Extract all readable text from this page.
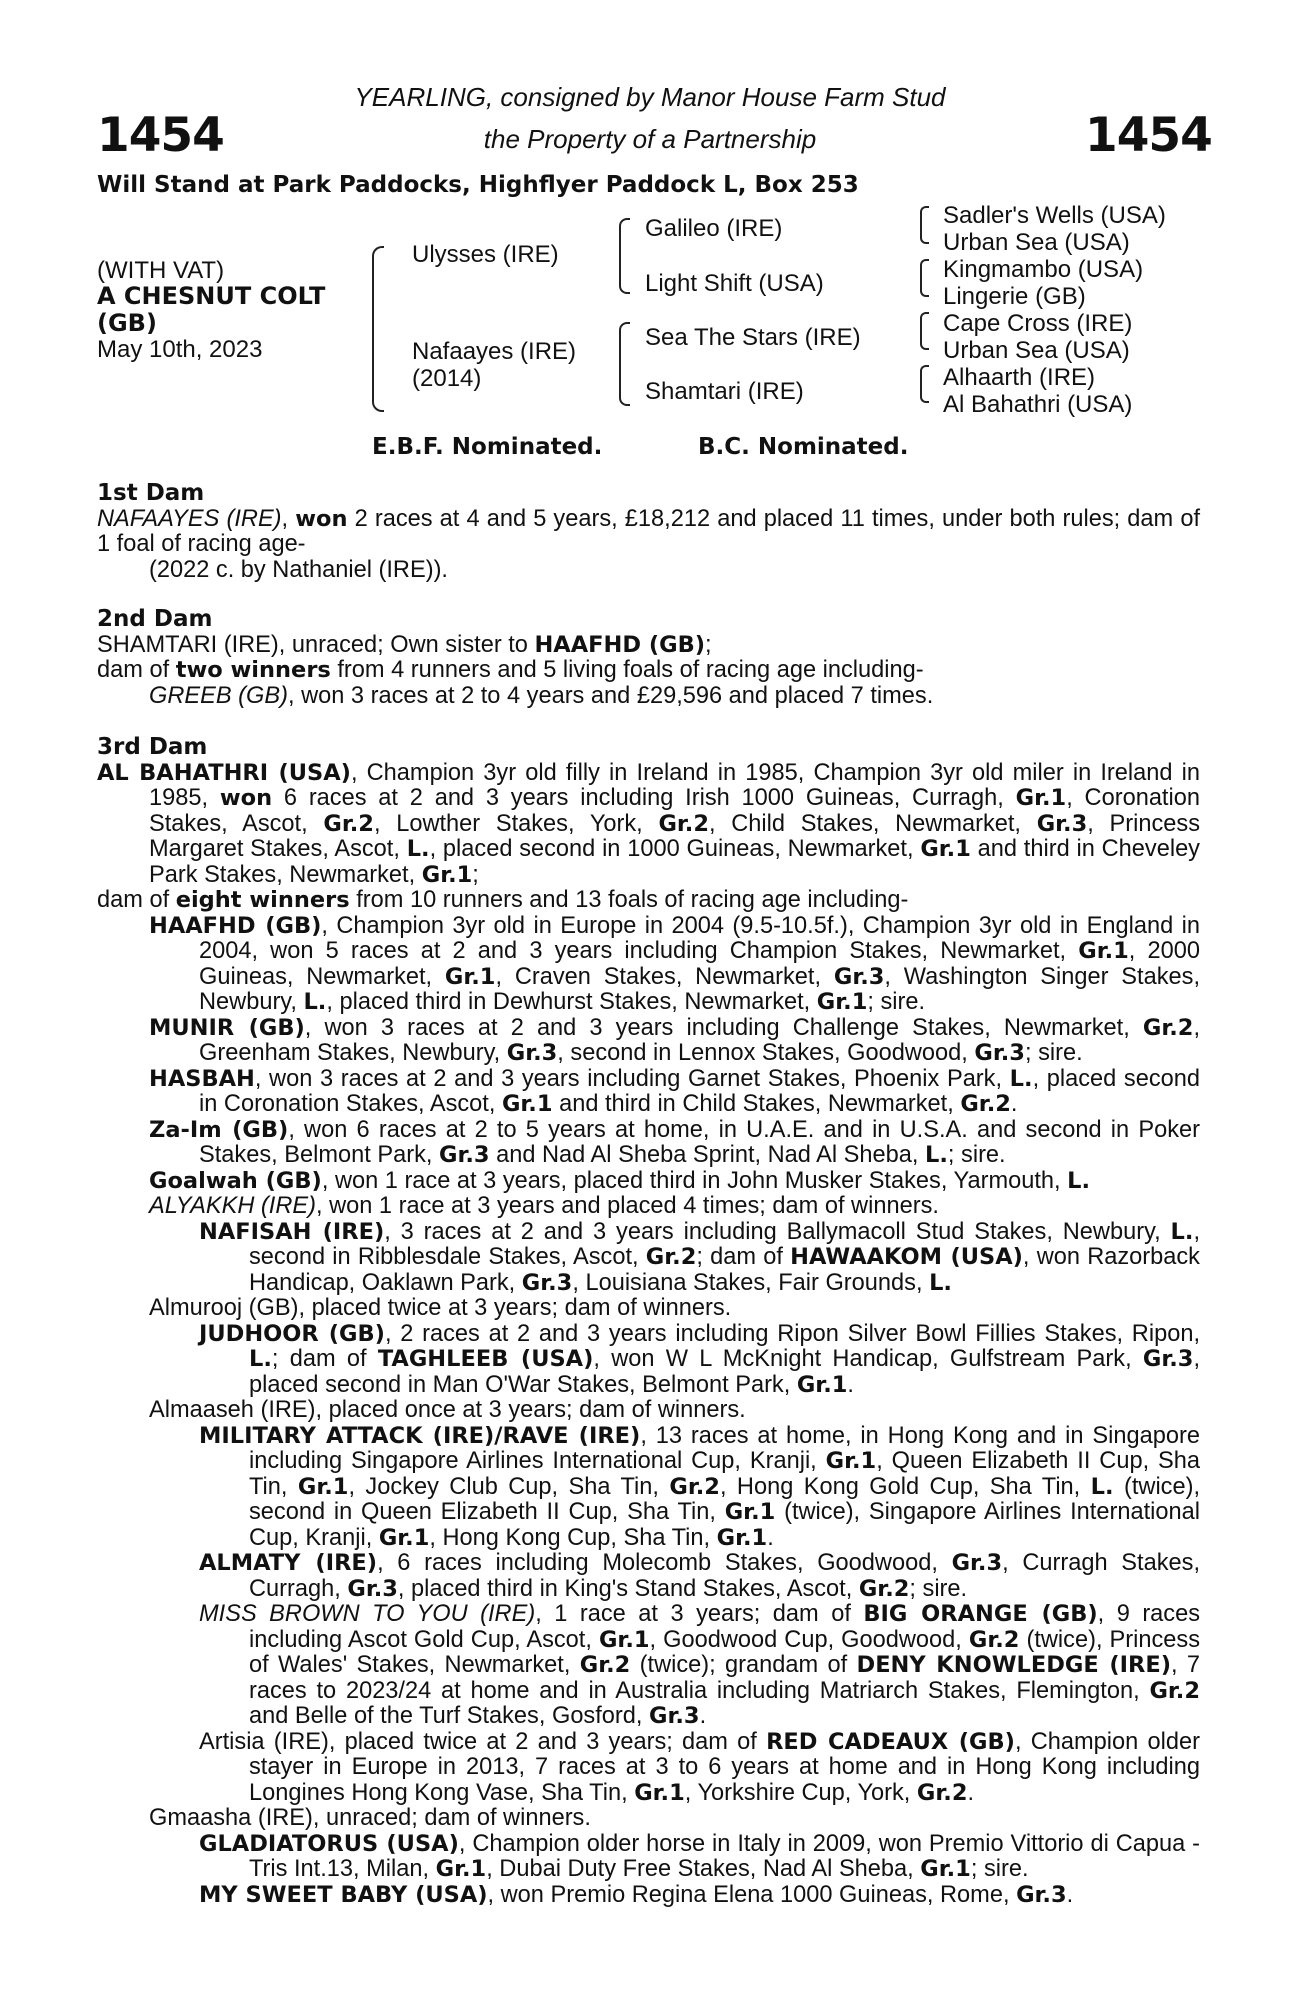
1454	1454
YEARLING, consigned by Manor House Farm Stud
the Property of a Partnership
Will Stand at Park Paddocks, Highflyer Paddock L, Box 253
(WITH VAT)
A CHESNUT COLT
(GB)
May 10th, 2023
Ulysses (IRE)
Nafaayes (IRE)
(2014)
Galileo (IRE)
Light Shift (USA)
Sea The Stars (IRE)
Shamtari (IRE)
Sadler's Wells (USA)
Urban Sea (USA)
Kingmambo (USA)
Lingerie (GB)
Cape Cross (IRE)
Urban Sea (USA)
Alhaarth (IRE)
Al Bahathri (USA)
E.B.F. Nominated.	B.C. Nominated.
1st Dam

NAFAAYES (IRE), won 2 races at 4 and 5 years, £18,212 and placed 11 times, under both rules; dam of 1 foal of racing age-

(2022 c. by Nathaniel (IRE)).

2nd Dam

SHAMTARI (IRE), unraced; Own sister to HAAFHD (GB);

dam of two winners from 4 runners and 5 living foals of racing age including-

GREEB (GB), won 3 races at 2 to 4 years and £29,596 and placed 7 times.

3rd Dam

AL BAHATHRI (USA), Champion 3yr old filly in Ireland in 1985, Champion 3yr old miler in Ireland in 1985, won 6 races at 2 and 3 years including Irish 1000 Guineas, Curragh, Gr.1, Coronation Stakes, Ascot, Gr.2, Lowther Stakes, York, Gr.2, Child Stakes, Newmarket, Gr.3, Princess Margaret Stakes, Ascot, L., placed second in 1000 Guineas, Newmarket, Gr.1 and third in Cheveley Park Stakes, Newmarket, Gr.1;

dam of eight winners from 10 runners and 13 foals of racing age including-

HAAFHD (GB), Champion 3yr old in Europe in 2004 (9.5-10.5f.), Champion 3yr old in England in 2004, won 5 races at 2 and 3 years including Champion Stakes, Newmarket, Gr.1, 2000 Guineas, Newmarket, Gr.1, Craven Stakes, Newmarket, Gr.3, Washington Singer Stakes, Newbury, L., placed third in Dewhurst Stakes, Newmarket, Gr.1; sire.

MUNIR (GB), won 3 races at 2 and 3 years including Challenge Stakes, Newmarket, Gr.2, Greenham Stakes, Newbury, Gr.3, second in Lennox Stakes, Goodwood, Gr.3; sire.

HASBAH, won 3 races at 2 and 3 years including Garnet Stakes, Phoenix Park, L., placed second in Coronation Stakes, Ascot, Gr.1 and third in Child Stakes, Newmarket, Gr.2.

Za-Im (GB), won 6 races at 2 to 5 years at home, in U.A.E. and in U.S.A. and second in Poker Stakes, Belmont Park, Gr.3 and Nad Al Sheba Sprint, Nad Al Sheba, L.; sire.

Goalwah (GB), won 1 race at 3 years, placed third in John Musker Stakes, Yarmouth, L.

ALYAKKH (IRE), won 1 race at 3 years and placed 4 times; dam of winners.

NAFISAH (IRE), 3 races at 2 and 3 years including Ballymacoll Stud Stakes, Newbury, L., second in Ribblesdale Stakes, Ascot, Gr.2; dam of HAWAAKOM (USA), won Razorback Handicap, Oaklawn Park, Gr.3, Louisiana Stakes, Fair Grounds, L.

Almurooj (GB), placed twice at 3 years; dam of winners.

JUDHOOR (GB), 2 races at 2 and 3 years including Ripon Silver Bowl Fillies Stakes, Ripon, L.; dam of TAGHLEEB (USA), won W L McKnight Handicap, Gulfstream Park, Gr.3, placed second in Man O'War Stakes, Belmont Park, Gr.1.

Almaaseh (IRE), placed once at 3 years; dam of winners.

MILITARY ATTACK (IRE)/RAVE (IRE), 13 races at home, in Hong Kong and in Singapore including Singapore Airlines International Cup, Kranji, Gr.1, Queen Elizabeth II Cup, Sha Tin, Gr.1, Jockey Club Cup, Sha Tin, Gr.2, Hong Kong Gold Cup, Sha Tin, L. (twice), second in Queen Elizabeth II Cup, Sha Tin, Gr.1 (twice), Singapore Airlines International Cup, Kranji, Gr.1, Hong Kong Cup, Sha Tin, Gr.1.

ALMATY (IRE), 6 races including Molecomb Stakes, Goodwood, Gr.3, Curragh Stakes, Curragh, Gr.3, placed third in King's Stand Stakes, Ascot, Gr.2; sire.

MISS BROWN TO YOU (IRE), 1 race at 3 years; dam of BIG ORANGE (GB), 9 races including Ascot Gold Cup, Ascot, Gr.1, Goodwood Cup, Goodwood, Gr.2 (twice), Princess of Wales' Stakes, Newmarket, Gr.2 (twice); grandam of DENY KNOWLEDGE (IRE), 7 races to 2023/24 at home and in Australia including Matriarch Stakes, Flemington, Gr.2 and Belle of the Turf Stakes, Gosford, Gr.3.

Artisia (IRE), placed twice at 2 and 3 years; dam of RED CADEAUX (GB), Champion older stayer in Europe in 2013, 7 races at 3 to 6 years at home and in Hong Kong including Longines Hong Kong Vase, Sha Tin, Gr.1, Yorkshire Cup, York, Gr.2.

Gmaasha (IRE), unraced; dam of winners.

GLADIATORUS (USA), Champion older horse in Italy in 2009, won Premio Vittorio di Capua - Tris Int.13, Milan, Gr.1, Dubai Duty Free Stakes, Nad Al Sheba, Gr.1; sire.

MY SWEET BABY (USA), won Premio Regina Elena 1000 Guineas, Rome, Gr.3.
